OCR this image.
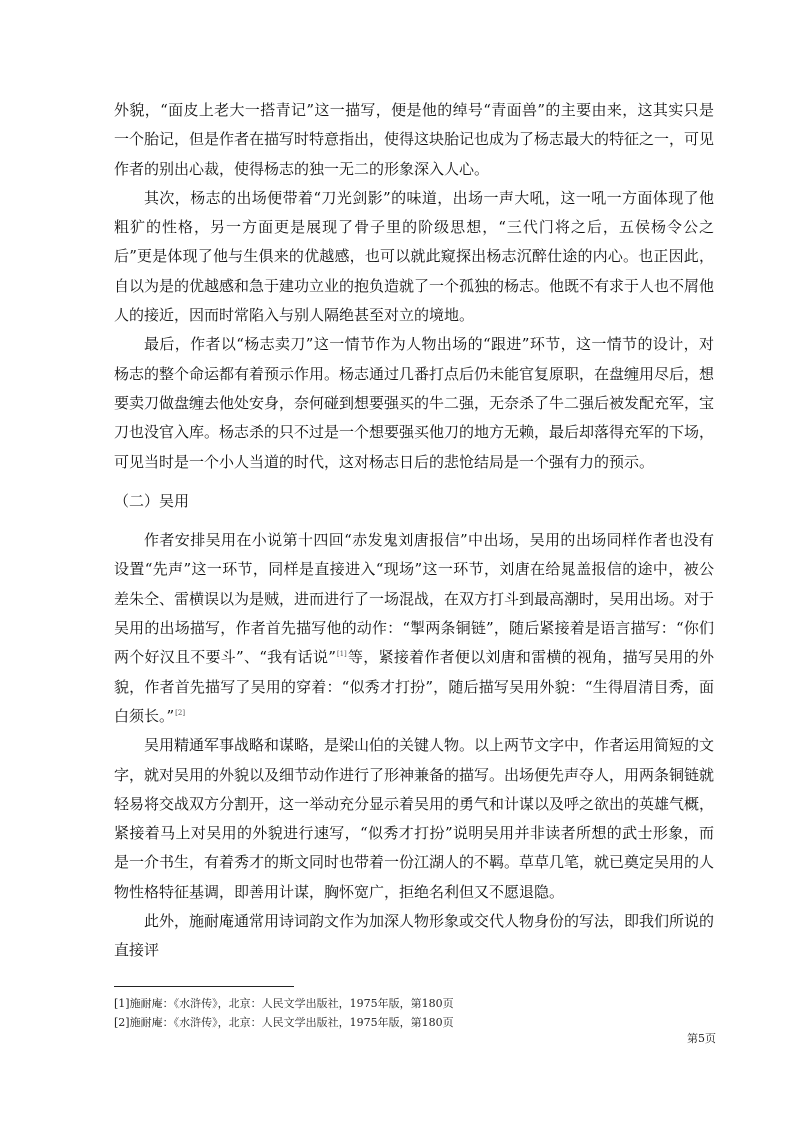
外貌，“面皮上老大一搭青记”这一描写，便是他的绰号“青面兽”的主要由来，这其实只是一个胎记，但是作者在描写时特意指出，使得这块胎记也成为了杨志最大的特征之一，可见作者的别出心裁，使得杨志的独一无二的形象深入人心。

其次，杨志的出场便带着“刀光剑影”的味道，出场一声大吼，这一吼一方面体现了他粗犷的性格，另一方面更是展现了骨子里的阶级思想，“三代门将之后，五侯杨令公之后”更是体现了他与生俱来的优越感，也可以就此窥探出杨志沉醉仕途的内心。也正因此，自以为是的优越感和急于建功立业的抱负造就了一个孤独的杨志。他既不有求于人也不屑他人的接近，因而时常陷入与别人隔绝甚至对立的境地。

最后，作者以“杨志卖刀”这一情节作为人物出场的“跟进”环节，这一情节的设计，对杨志的整个命运都有着预示作用。杨志通过几番打点后仍未能官复原职，在盘缠用尽后，想要卖刀做盘缠去他处安身，奈何碰到想要强买的牛二强，无奈杀了牛二强后被发配充军，宝刀也没官入库。杨志杀的只不过是一个想要强买他刀的地方无赖，最后却落得充军的下场，可见当时是一个小人当道的时代，这对杨志日后的悲怆结局是一个强有力的预示。

（二）吴用

作者安排吴用在小说第十四回“赤发鬼刘唐报信”中出场，吴用的出场同样作者也没有设置“先声”这一环节，同样是直接进入“现场”这一环节，刘唐在给晁盖报信的途中，被公差朱仝、雷横误以为是贼，进而进行了一场混战，在双方打斗到最高潮时，吴用出场。对于吴用的出场描写，作者首先描写他的动作：“掣两条铜链”，随后紧接着是语言描写：“你们两个好汉且不要斗”、“我有话说”[1]等，紧接着作者便以刘唐和雷横的视角，描写吴用的外貌，作者首先描写了吴用的穿着：“似秀才打扮”，随后描写吴用外貌：“生得眉清目秀，面白须长。”[2]

吴用精通军事战略和谋略，是梁山伯的关键人物。以上两节文字中，作者运用简短的文字，就对吴用的外貌以及细节动作进行了形神兼备的描写。出场便先声夺人，用两条铜链就轻易将交战双方分割开，这一举动充分显示着吴用的勇气和计谋以及呼之欲出的英雄气概，紧接着马上对吴用的外貌进行速写，“似秀才打扮”说明吴用并非读者所想的武士形象，而是一介书生，有着秀才的斯文同时也带着一份江湖人的不羁。草草几笔，就已奠定吴用的人物性格特征基调，即善用计谋，胸怀宽广，拒绝名利但又不愿退隐。

此外，施耐庵通常用诗词韵文作为加深人物形象或交代人物身份的写法，即我们所说的直接评

[1]施耐庵：《水浒传》，北京：人民文学出版社，1975年版，第180页
[2]施耐庵：《水浒传》，北京：人民文学出版社，1975年版，第180页
第5页
